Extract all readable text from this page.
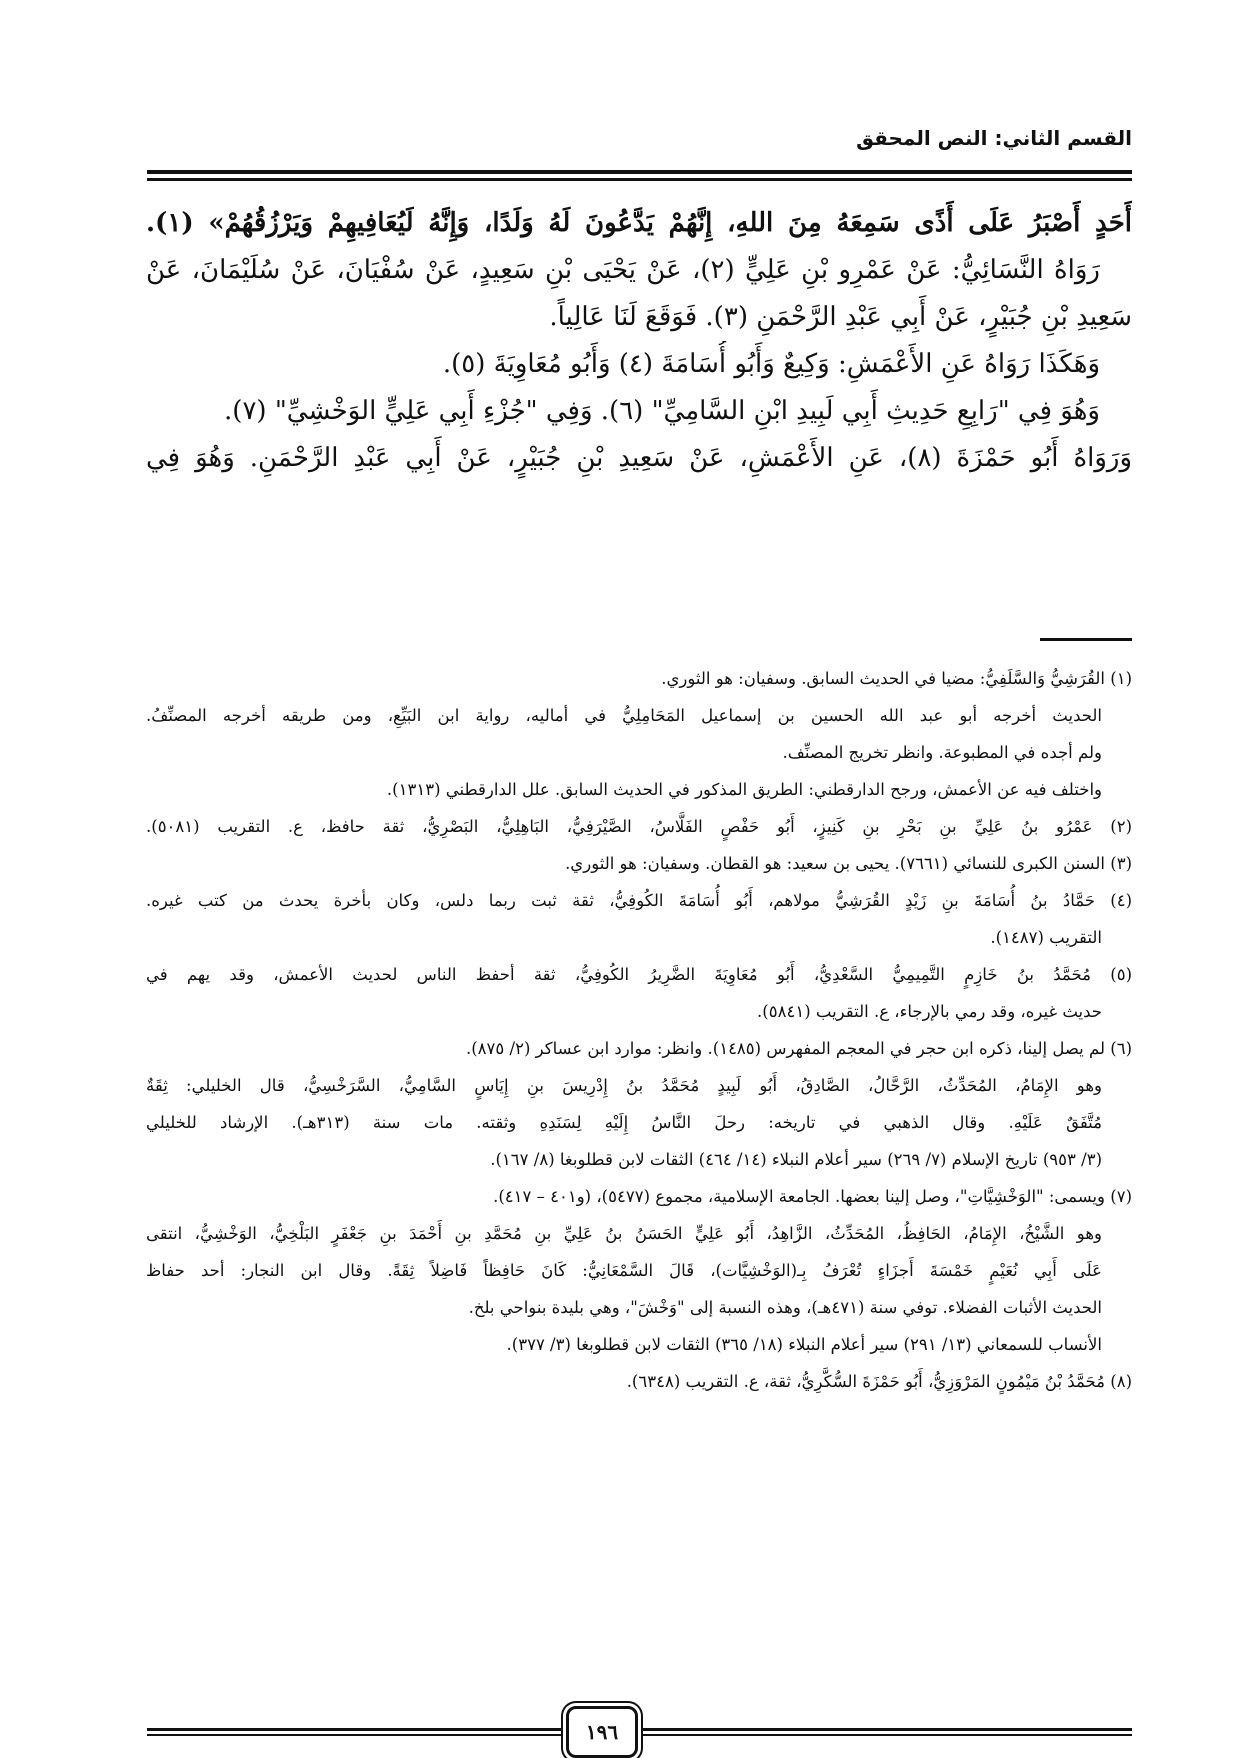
القسم الثاني: النص المحقق
أَحَدٍ أَصْبَرُ عَلَى أَذًى سَمِعَهُ مِنَ اللهِ، إِنَّهُمْ يَدَّعُونَ لَهُ وَلَدًا، وَإِنَّهُ لَيُعَافِيهِمْ وَيَرْزُقُهُمْ» (١).
رَوَاهُ النَّسَائِيُّ: عَنْ عَمْرِو بْنِ عَلِيٍّ (٢)، عَنْ يَحْيَى بْنِ سَعِيدٍ، عَنْ سُفْيَانَ، عَنْ سُلَيْمَانَ، عَنْ
سَعِيدِ بْنِ جُبَيْرٍ، عَنْ أَبِي عَبْدِ الرَّحْمَنِ (٣). فَوَقَعَ لَنَا عَالِياً.
وَهَكَذَا رَوَاهُ عَنِ الأَعْمَشِ: وَكِيعٌ وَأَبُو أُسَامَةَ (٤) وَأَبُو مُعَاوِيَةَ (٥).
وَهُوَ فِي "رَابِعِ حَدِيثِ أَبِي لَبِيدِ ابْنِ السَّامِيِّ" (٦). وَفِي "جُزْءِ أَبِي عَلِيٍّ الوَخْشِيِّ" (٧).
وَرَوَاهُ أَبُو حَمْزَةَ (٨)، عَنِ الأَعْمَشِ، عَنْ سَعِيدِ بْنِ جُبَيْرٍ، عَنْ أَبِي عَبْدِ الرَّحْمَنِ. وَهُوَ فِي
(١) القُرَشِيُّ وَالسَّلَفِيُّ: مضيا في الحديث السابق. وسفيان: هو الثوري.
الحديث أخرجه أبو عبد الله الحسين بن إسماعيل المَحَامِلِيُّ في أماليه، رواية ابن البَيِّعِ، ومن طريقه أخرجه المصنِّفُ.
ولم أجده في المطبوعة. وانظر تخريج المصنِّف.
واختلف فيه عن الأعمش، ورجح الدارقطني: الطريق المذكور في الحديث السابق. علل الدارقطني (١٣١٣).
(٢) عَمْرُو بنُ عَلِيِّ بنِ بَحْرِ بنِ كَنِيزٍ، أَبُو حَفْصٍ الفَلَّاسُ، الصَّيْرَفِيُّ، البَاهِلِيُّ، البَصْرِيُّ، ثقة حافظ، ع. التقريب (٥٠٨١).
(٣) السنن الكبرى للنسائي (٧٦٦١). يحيى بن سعيد: هو القطان. وسفيان: هو الثوري.
(٤) حَمَّادُ بنُ أُسَامَةَ بنِ زَيْدٍ القُرَشِيُّ مولاهم، أَبُو أُسَامَةَ الكُوفِيُّ، ثقة ثبت ربما دلس، وكان بأخرة يحدث من كتب غيره.
التقريب (١٤٨٧).
(٥) مُحَمَّدُ بنُ خَازِمٍ التَّمِيمِيُّ السَّعْدِيُّ، أَبُو مُعَاوِيَةَ الضَّرِيرُ الكُوفِيُّ، ثقة أحفظ الناس لحديث الأعمش، وقد يهم في
حديث غيره، وقد رمي بالإرجاء، ع. التقريب (٥٨٤١).
(٦) لم يصل إلينا، ذكره ابن حجر في المعجم المفهرس (١٤٨٥). وانظر: موارد ابن عساكر (٢/ ٨٧٥).
وهو الإِمَامُ، المُحَدِّثُ، الرَّحَّالُ، الصَّادِقُ، أَبُو لَبِيدٍ مُحَمَّدُ بنُ إِدْرِيسَ بنِ إِيَاسٍ السَّامِيُّ، السَّرَخْسِيُّ، قال الخليلي: ثِقَةٌ
مُتَّفَقٌ عَلَيْهِ. وقال الذهبي في تاريخه: رحلَ النَّاسُ إِلَيْهِ لِسَنَدِهِ وثقته. مات سنة (٣١٣هـ). الإرشاد للخليلي
(٣/ ٩٥٣) تاريخ الإسلام (٧/ ٢٦٩) سير أعلام النبلاء (١٤/ ٤٦٤) الثقات لابن قطلوبغا (٨/ ١٦٧).
(٧) ويسمى: "الوَخْشِيَّاتِ"، وصل إلينا بعضها. الجامعة الإسلامية، مجموع (٥٤٧٧)، (و٤٠١ – ٤١٧).
وهو الشَّيْخُ، الإِمَامُ، الحَافِظُ، المُحَدِّثُ، الزَّاهِدُ، أَبُو عَلِيٍّ الحَسَنُ بنُ عَلِيِّ بنِ مُحَمَّدِ بنِ أَحْمَدَ بنِ جَعْفَرٍ البَلْخِيُّ، الوَخْشِيُّ، انتقى
عَلَى أَبِي نُعَيْمٍ خَمْسَةَ أَجزَاءٍ تُعْرَفُ بِـ(الوَخْشِيَّات)، قَالَ السَّمْعَانِيُّ: كَانَ حَافِظاً فَاضِلاً ثِقَةً. وقال ابن النجار: أحد حفاظ
الحديث الأثبات الفضلاء. توفي سنة (٤٧١هـ)، وهذه النسبة إلى "وَخْشَ"، وهي بليدة بنواحي بلخ.
الأنساب للسمعاني (١٣/ ٢٩١) سير أعلام النبلاء (١٨/ ٣٦٥) الثقات لابن قطلوبغا (٣/ ٣٧٧).
(٨) مُحَمَّدُ بْنُ مَيْمُونٍ المَرْوَزِيُّ، أَبُو حَمْزَةَ السُّكَّرِيُّ، ثقة، ع. التقريب (٦٣٤٨).
١٩٦
